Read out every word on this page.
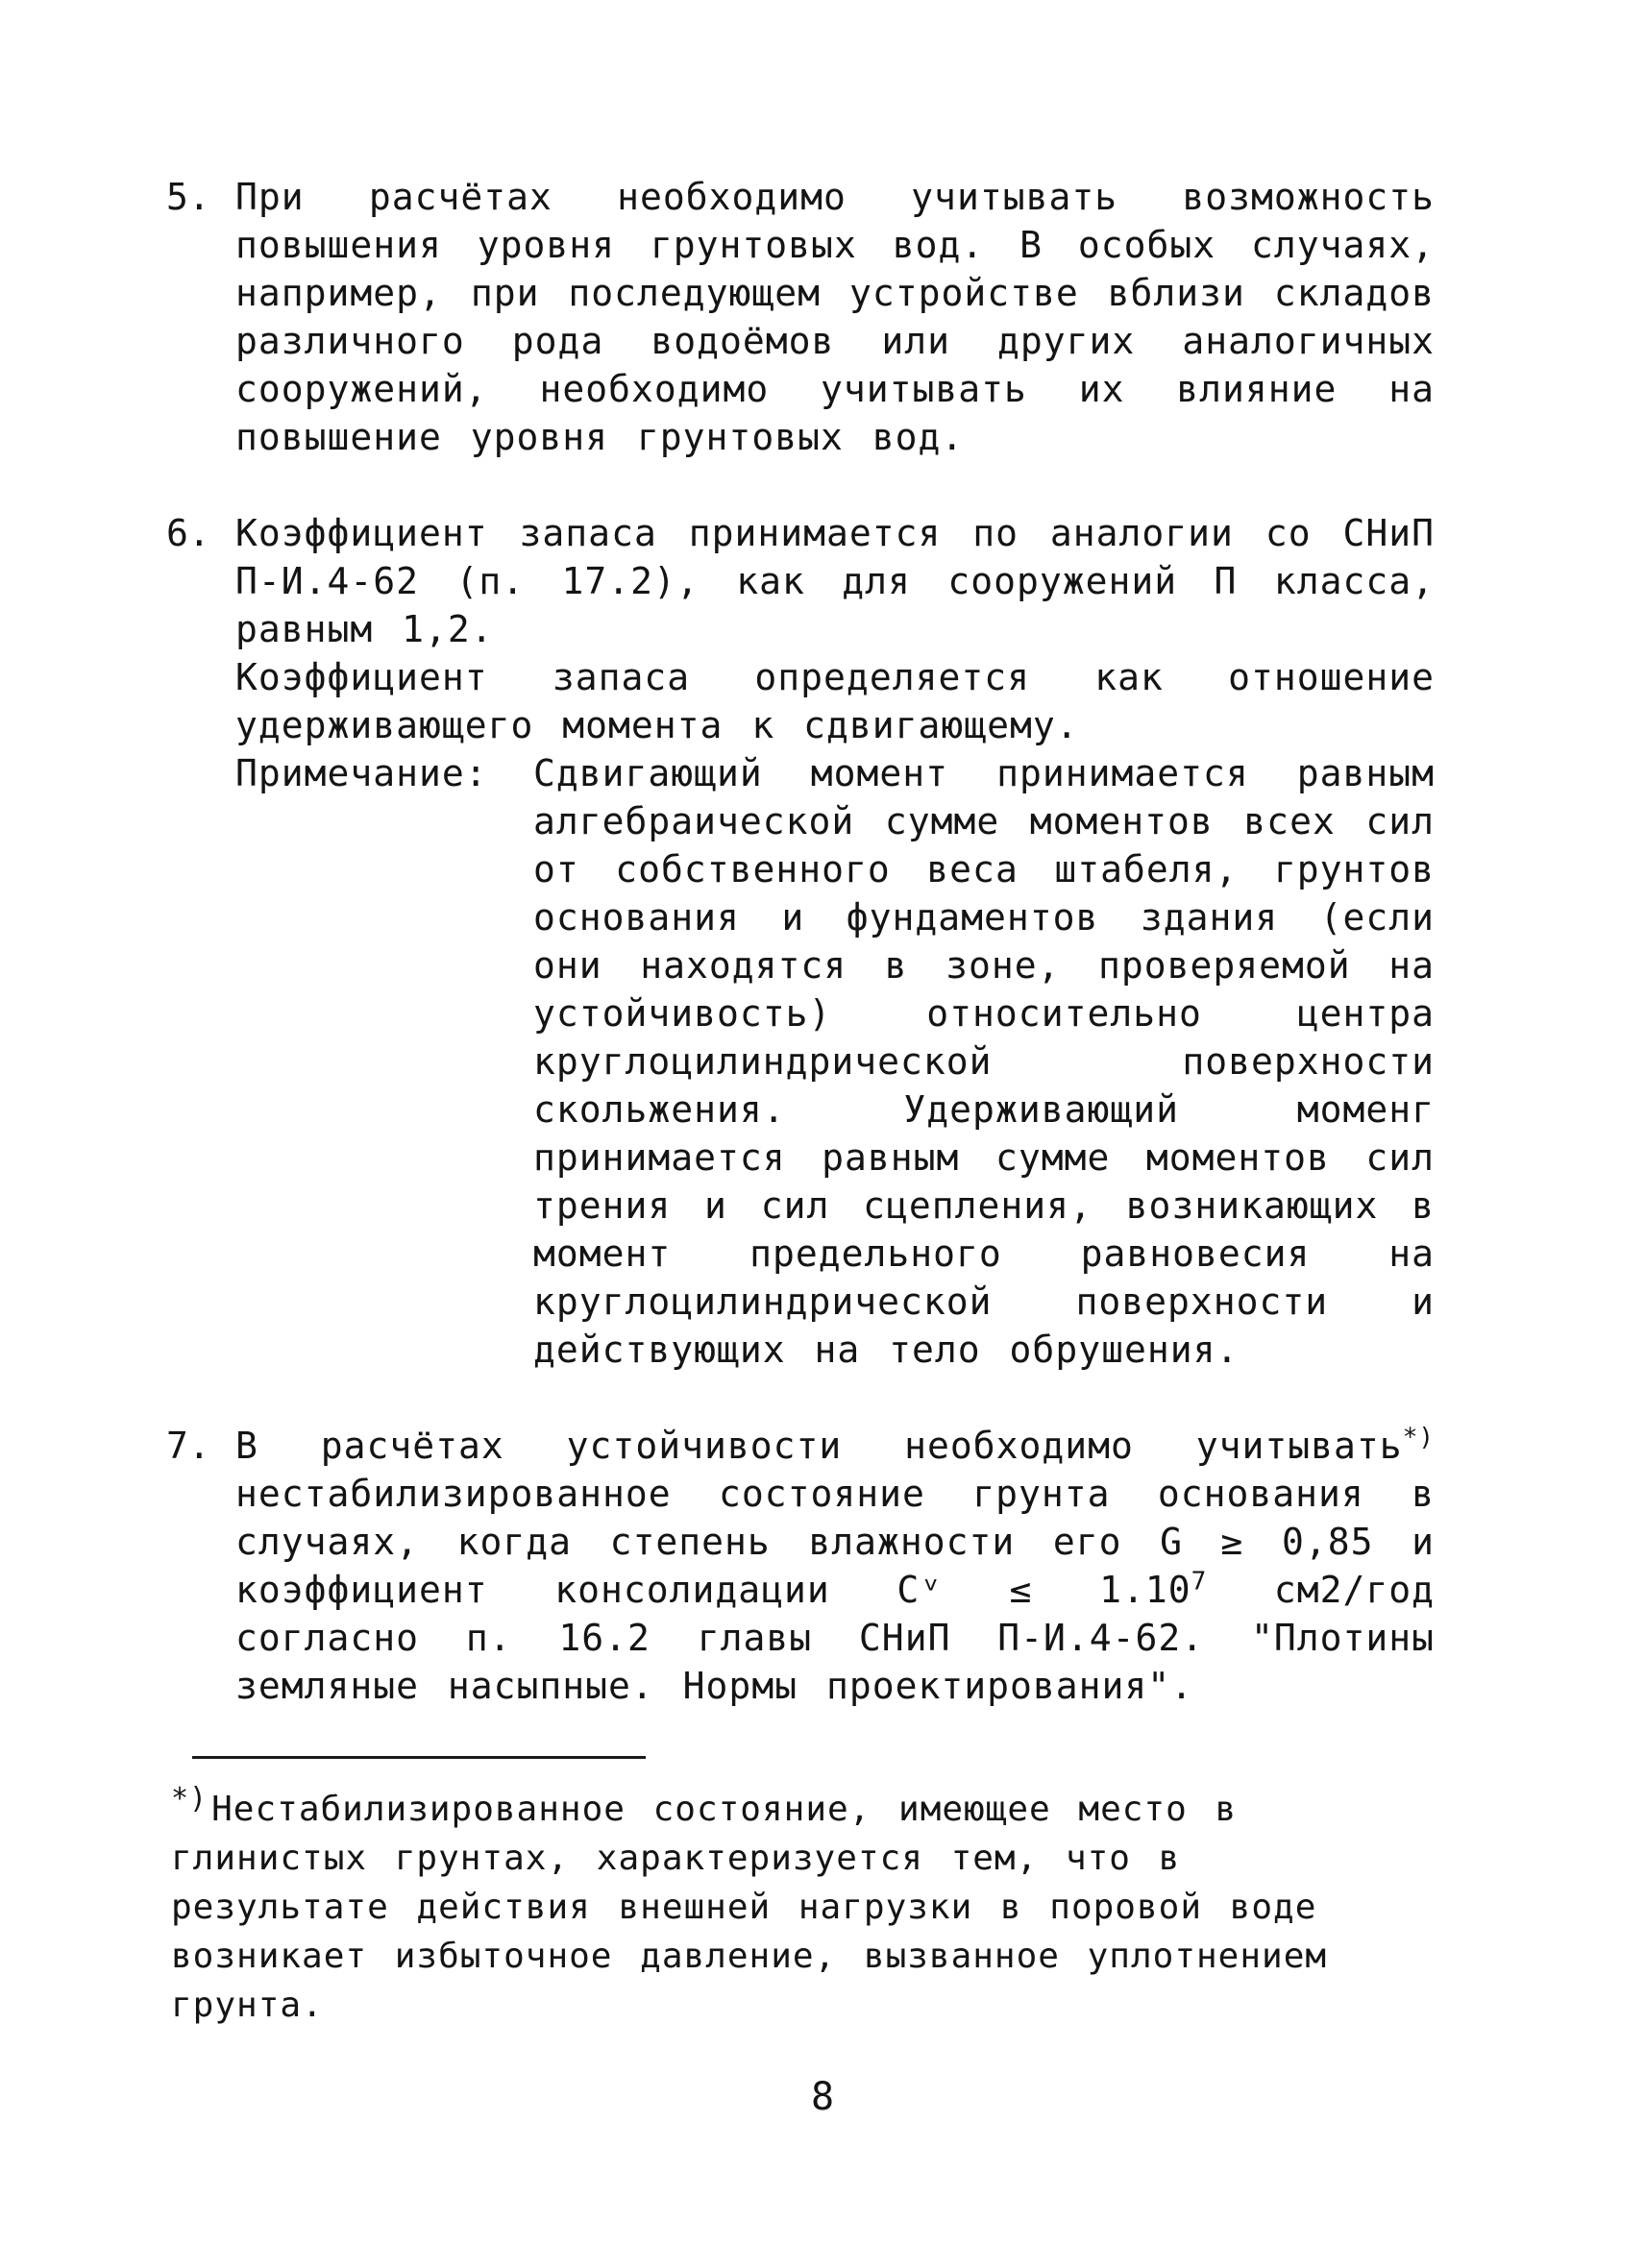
5. При расчётах необходимо учитывать возможность повышения уровня грунтовых вод. В особых случаях, например, при последующем устройстве вблизи складов различного рода водоёмов или других аналогичных сооружений, необходимо учитывать их влияние на повышение уровня грунтовых вод.

6. Коэффициент запаса принимается по аналогии со СНиП П-И.4-62 (п. 17.2), как для сооружений П класса, равным 1,2.

Коэффициент запаса определяется как отношение удерживающего момента к сдвигающему.

Примечание: Сдвигающий момент принимается равным алгебраической сумме моментов всех сил от собственного веса штабеля, грунтов основания и фундаментов здания (если они находятся в зоне, проверяемой на устойчивость) относительно центра круглоцилиндрической поверхности скольжения. Удерживающий моменг принимается равным сумме моментов сил трения и сил сцепления, возникающих в момент предельного равновесия на круглоцилиндрической поверхности и действующих на тело обрушения.
7. В расчётах устойчивости необходимо учитывать*) нестабилизированное состояние грунта основания в случаях, когда степень влажности его G ≥ 0,85 и коэффициент консолидации Cᵛ ≤ $1.10^7$ см2/год согласно п. 16.2 главы СНиП П-И.4-62. "Плотины земляные насыпные. Нормы проектирования".
*) Нестабилизированное состояние, имеющее место в глинистых грунтах, характеризуется тем, что в результате действия внешней нагрузки в поровой воде возникает избыточное давление, вызванное уплотнением грунта.
8
